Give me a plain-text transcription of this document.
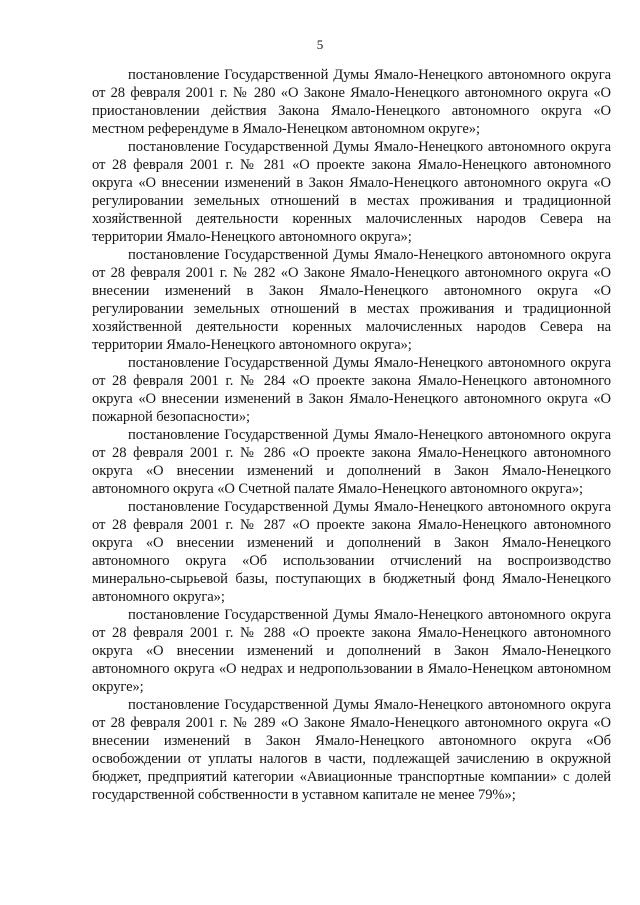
5

постановление Государственной Думы Ямало-Ненецкого автономного округа от 28 февраля 2001 г. № 280 «О Законе Ямало-Ненецкого автономного округа «О приостановлении действия Закона Ямало-Ненецкого автономного округа «О местном референдуме в Ямало-Ненецком автономном округе»;

постановление Государственной Думы Ямало-Ненецкого автономного округа от 28 февраля 2001 г. № 281 «О проекте закона Ямало-Ненецкого автономного округа «О внесении изменений в Закон Ямало-Ненецкого автономного округа «О регулировании земельных отношений в местах проживания и традиционной хозяйственной деятельности коренных малочисленных народов Севера на территории Ямало-Ненецкого автономного округа»;

постановление Государственной Думы Ямало-Ненецкого автономного округа от 28 февраля 2001 г. № 282 «О Законе Ямало-Ненецкого автономного округа «О внесении изменений в Закон Ямало-Ненецкого автономного округа «О регулировании земельных отношений в местах проживания и традиционной хозяйственной деятельности коренных малочисленных народов Севера на территории Ямало-Ненецкого автономного округа»;

постановление Государственной Думы Ямало-Ненецкого автономного округа от 28 февраля 2001 г. № 284 «О проекте закона Ямало-Ненецкого автономного округа «О внесении изменений в Закон Ямало-Ненецкого автономного округа «О пожарной безопасности»;

постановление Государственной Думы Ямало-Ненецкого автономного округа от 28 февраля 2001 г. № 286 «О проекте закона Ямало-Ненецкого автономного округа «О внесении изменений и дополнений в Закон Ямало-Ненецкого автономного округа «О Счетной палате Ямало-Ненецкого автономного округа»;

постановление Государственной Думы Ямало-Ненецкого автономного округа от 28 февраля 2001 г. № 287 «О проекте закона Ямало-Ненецкого автономного округа «О внесении изменений и дополнений в Закон Ямало-Ненецкого автономного округа «Об использовании отчислений на воспроизводство минерально-сырьевой базы, поступающих в бюджетный фонд Ямало-Ненецкого автономного округа»;

постановление Государственной Думы Ямало-Ненецкого автономного округа от 28 февраля 2001 г. № 288 «О проекте закона Ямало-Ненецкого автономного округа «О внесении изменений и дополнений в Закон Ямало-Ненецкого автономного округа «О недрах и недропользовании в Ямало-Ненецком автономном округе»;

постановление Государственной Думы Ямало-Ненецкого автономного округа от 28 февраля 2001 г. № 289 «О Законе Ямало-Ненецкого автономного округа «О внесении изменений в Закон Ямало-Ненецкого автономного округа «Об освобождении от уплаты налогов в части, подлежащей зачислению в окружной бюджет, предприятий категории «Авиационные транспортные компании» с долей государственной собственности в уставном капитале не менее 79%»;
